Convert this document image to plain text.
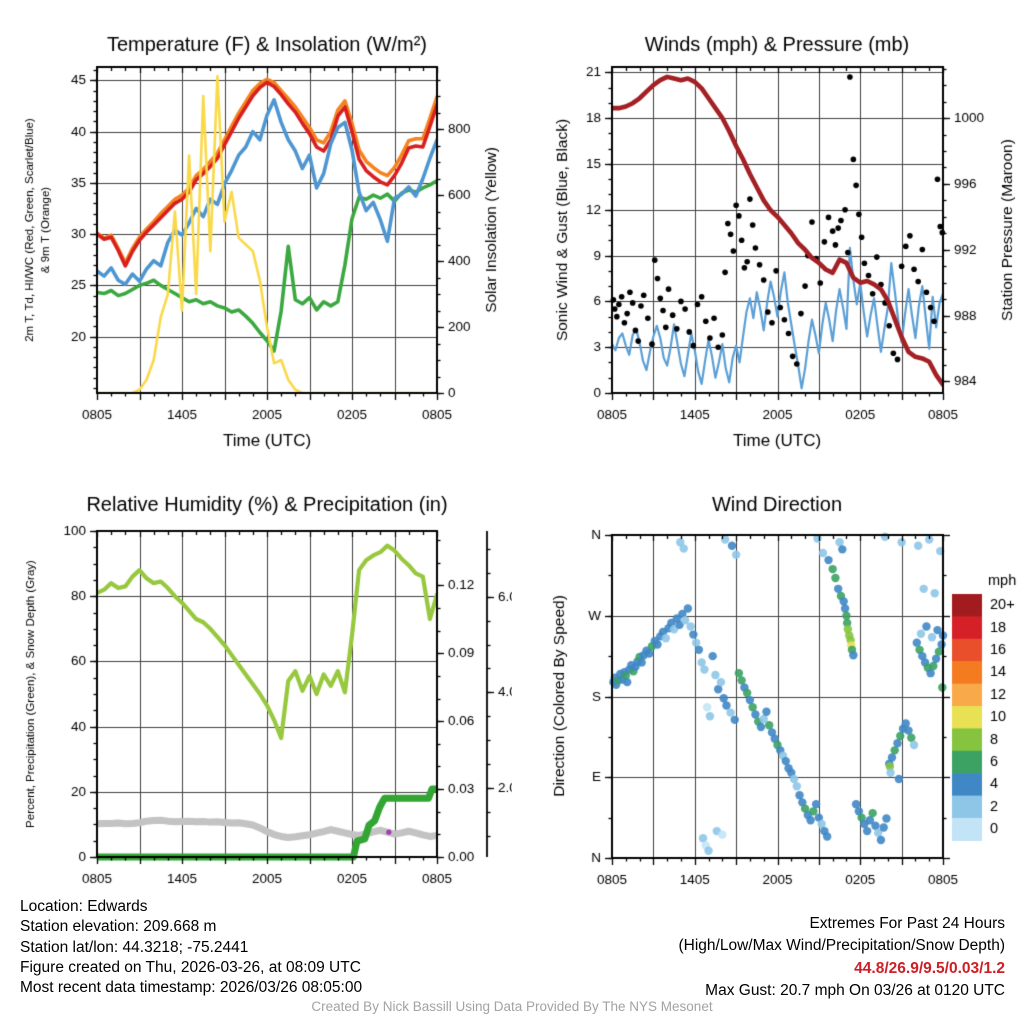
Location: Edwards
Station elevation: 209.668 m
Station lat/lon: 44.3218; -75.2441
Figure created on Thu, 2026-03-26, at 08:09 UTC
Most recent data timestamp: 2026/03/26 08:05:00
Extremes For Past 24 Hours
(High/Low/Max Wind/Precipitation/Snow Depth)
44.8/26.9/9.5/0.03/1.2
Max Gust: 20.7 mph On 03/26 at 0120 UTC
Created By Nick Bassill Using Data Provided By The NYS Mesonet
